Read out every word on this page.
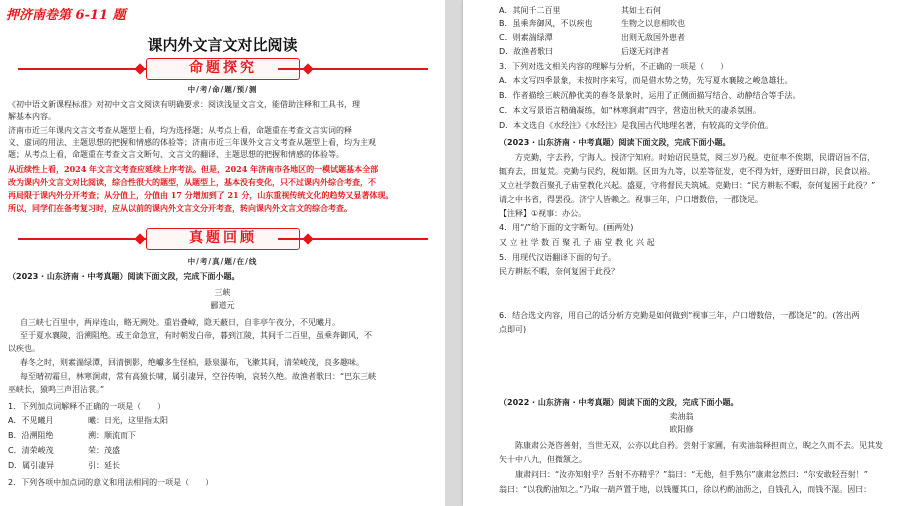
押济南卷第 6-11 题
课内外文言文对比阅读
命题探究
中/考/命/题/预/测
《初中语文新课程标准》对初中文言文阅读有明确要求：阅读浅显文言文，能借助注释和工具书，理
解基本内容。
济南市近三年课内文言文考查从题型上看，均为选择题；从考点上看，命题重在考查文言实词的释
义、虚词的用法、主题思想的把握和情感的体验等；济南市近三年课外文言文考查从题型上看，均为主观
题；从考点上看，命题重在考查文言文断句、文言文的翻译、主题思想的把握和情感的体验等。
从近续性上看，2024 年文言文考查应延续上序考法。但是，2024 年济南市各地区的一模试题基本全部
改为课内外文言文对比阅读，综合性很大的题型，从题型上，基本没有变化，只不过课内外综合考查，不
再局限于课内外分开考查；从分值上，分值由 17 分增加到了 21 分，山东重视传统文化的趋势又显著体现。
所以，同学们在备考复习时，应从以前的课内外文言文分开考查，转向课内外文言文的综合考查。
真题回顾
中/考/真/题/在/线
（2023 · 山东济南 · 中考真题）阅读下面文段，完成下面小题。
三峡
郦道元
自三峡七百里中，两岸连山，略无阙处。重岩叠嶂，隐天蔽日，自非亭午夜分，不见曦月。
至于夏水襄陵，沿溯阻绝。或王命急宣，有时朝发白帝，暮到江陵，其间千二百里，虽乘奔御风，不
以疾也。
春冬之时，则素湍绿潭，回清倒影，绝巘多生怪柏，悬泉瀑布，飞漱其间，清荣峻茂，良多趣味。
每至晴初霜旦，林寒涧肃，常有高猿长啸，属引凄异，空谷传响，哀转久绝。故渔者歌曰：“巴东三峡
巫峡长，猿鸣三声泪沾裳。”
1．下列加点词解释不正确的一项是（　　）
A．不见曦月	曦：日光，这里指太阳
B．沿溯阻绝	溯：顺流而下
C．清荣峻茂	荣：茂盛
D．属引凄异	引：延长
2．下列各项中加点词的意义和用法相同的一项是（　　）
A．其间千二百里	其如土石何
B．虽乘奔御风，不以疾也	生物之以息相吹也
C．则素湍绿潭	出则无敌国外患者
D．故渔者歌曰	后遂无问津者
3．下列对选文相关内容的理解与分析，不正确的一项是（　　）
A．本文写四季景象，未按时序来写，而是借水势之势，先写夏水襄陵之峻急雄壮。
B．作者描绘三峡沉静优美的春冬景象时，运用了正侧面描写结合、动静结合等手法。
C．本文写景语言精确凝练，如“林寒涧肃”四字，营造出秋天的凄杀氛围。
D．本文选自《水经注》《水经注》是我国古代地理名著，有较高的文学价值。
（2023 · 山东济南 · 中考真题）阅读下面文段，完成下面小题。
方克勤，字去矜，宁海人。授济宁知府。时始诏民垦荒，阅三岁乃税。吏征率不俟期，民谓诏旨不信，
辄弃去，田复荒。克勤与民约，税如期。区田为九等，以差等征发，吏不得为奸，逐野田日辟，民食以裕。
又立社学数百聚孔子庙堂教化兴起。盛夏，守将督民夫筑城。克勤曰：“民方耕耘不暇，奈何复困于此役？”
请之中书省，得罢役。济宁人皆赖之。视事三年，户口增数倍，一郡饶足。
【注释】①视事：办公。
4．用“/”给下面的文字断句。(画两处)
又 立 社 学 数 百 聚 孔 子 庙 堂 教 化 兴 起
5．用现代汉语翻译下面的句子。
民方耕耘不暇，奈何复困于此役？
6．结合选文内容，用自己的话分析方克勤是如何做到“视事三年，户口增数倍，一郡饶足”的。(答出两
点即可)
（2022 · 山东济南 · 中考真题）阅读下面的文段，完成下面小题。
卖油翁
欧阳修
陈康肃公尧咨善射，当世无双，公亦以此自矜。尝射于家圃，有卖油翁释担而立，睨之久而不去。见其发
矢十中八九，但微颔之。
康肃问曰：“汝亦知射乎？吾射不亦精乎？”翁曰：“无他，但手熟尔”康肃忿然曰：“尔安敢轻吾射！”
翁曰：“以我酌油知之。”乃取一葫芦置于地，以钱覆其口，徐以杓酌油沥之，自钱孔入，而钱不湿。因曰：
